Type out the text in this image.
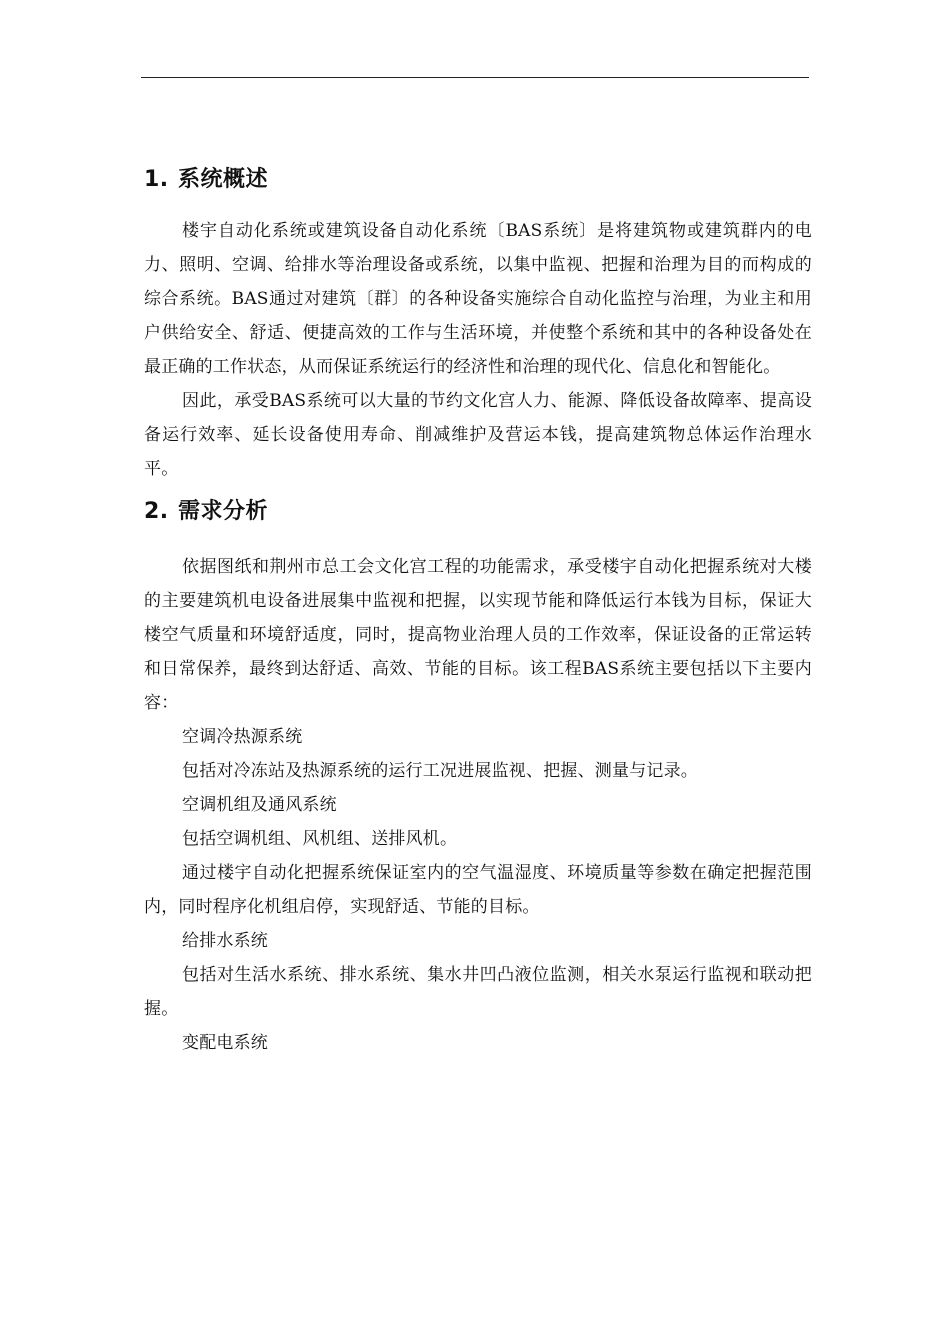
1. 系统概述

楼宇自动化系统或建筑设备自动化系统〔BAS系统〕是将建筑物或建筑群内的电力、照明、空调、给排水等治理设备或系统，以集中监视、把握和治理为目的而构成的综合系统。BAS通过对建筑〔群〕的各种设备实施综合自动化监控与治理，为业主和用户供给安全、舒适、便捷高效的工作与生活环境，并使整个系统和其中的各种设备处在最正确的工作状态，从而保证系统运行的经济性和治理的现代化、信息化和智能化。

因此，承受BAS系统可以大量的节约文化宫人力、能源、降低设备故障率、提高设备运行效率、延长设备使用寿命、削减维护及营运本钱，提高建筑物总体运作治理水平。

2. 需求分析

依据图纸和荆州市总工会文化宫工程的功能需求，承受楼宇自动化把握系统对大楼的主要建筑机电设备进展集中监视和把握，以实现节能和降低运行本钱为目标，保证大楼空气质量和环境舒适度，同时，提高物业治理人员的工作效率，保证设备的正常运转和日常保养，最终到达舒适、高效、节能的目标。该工程BAS系统主要包括以下主要内容：

空调冷热源系统

包括对冷冻站及热源系统的运行工况进展监视、把握、测量与记录。

空调机组及通风系统

包括空调机组、风机组、送排风机。

通过楼宇自动化把握系统保证室内的空气温湿度、环境质量等参数在确定把握范围内，同时程序化机组启停，实现舒适、节能的目标。

给排水系统

包括对生活水系统、排水系统、集水井凹凸液位监测，相关水泵运行监视和联动把握。

变配电系统
